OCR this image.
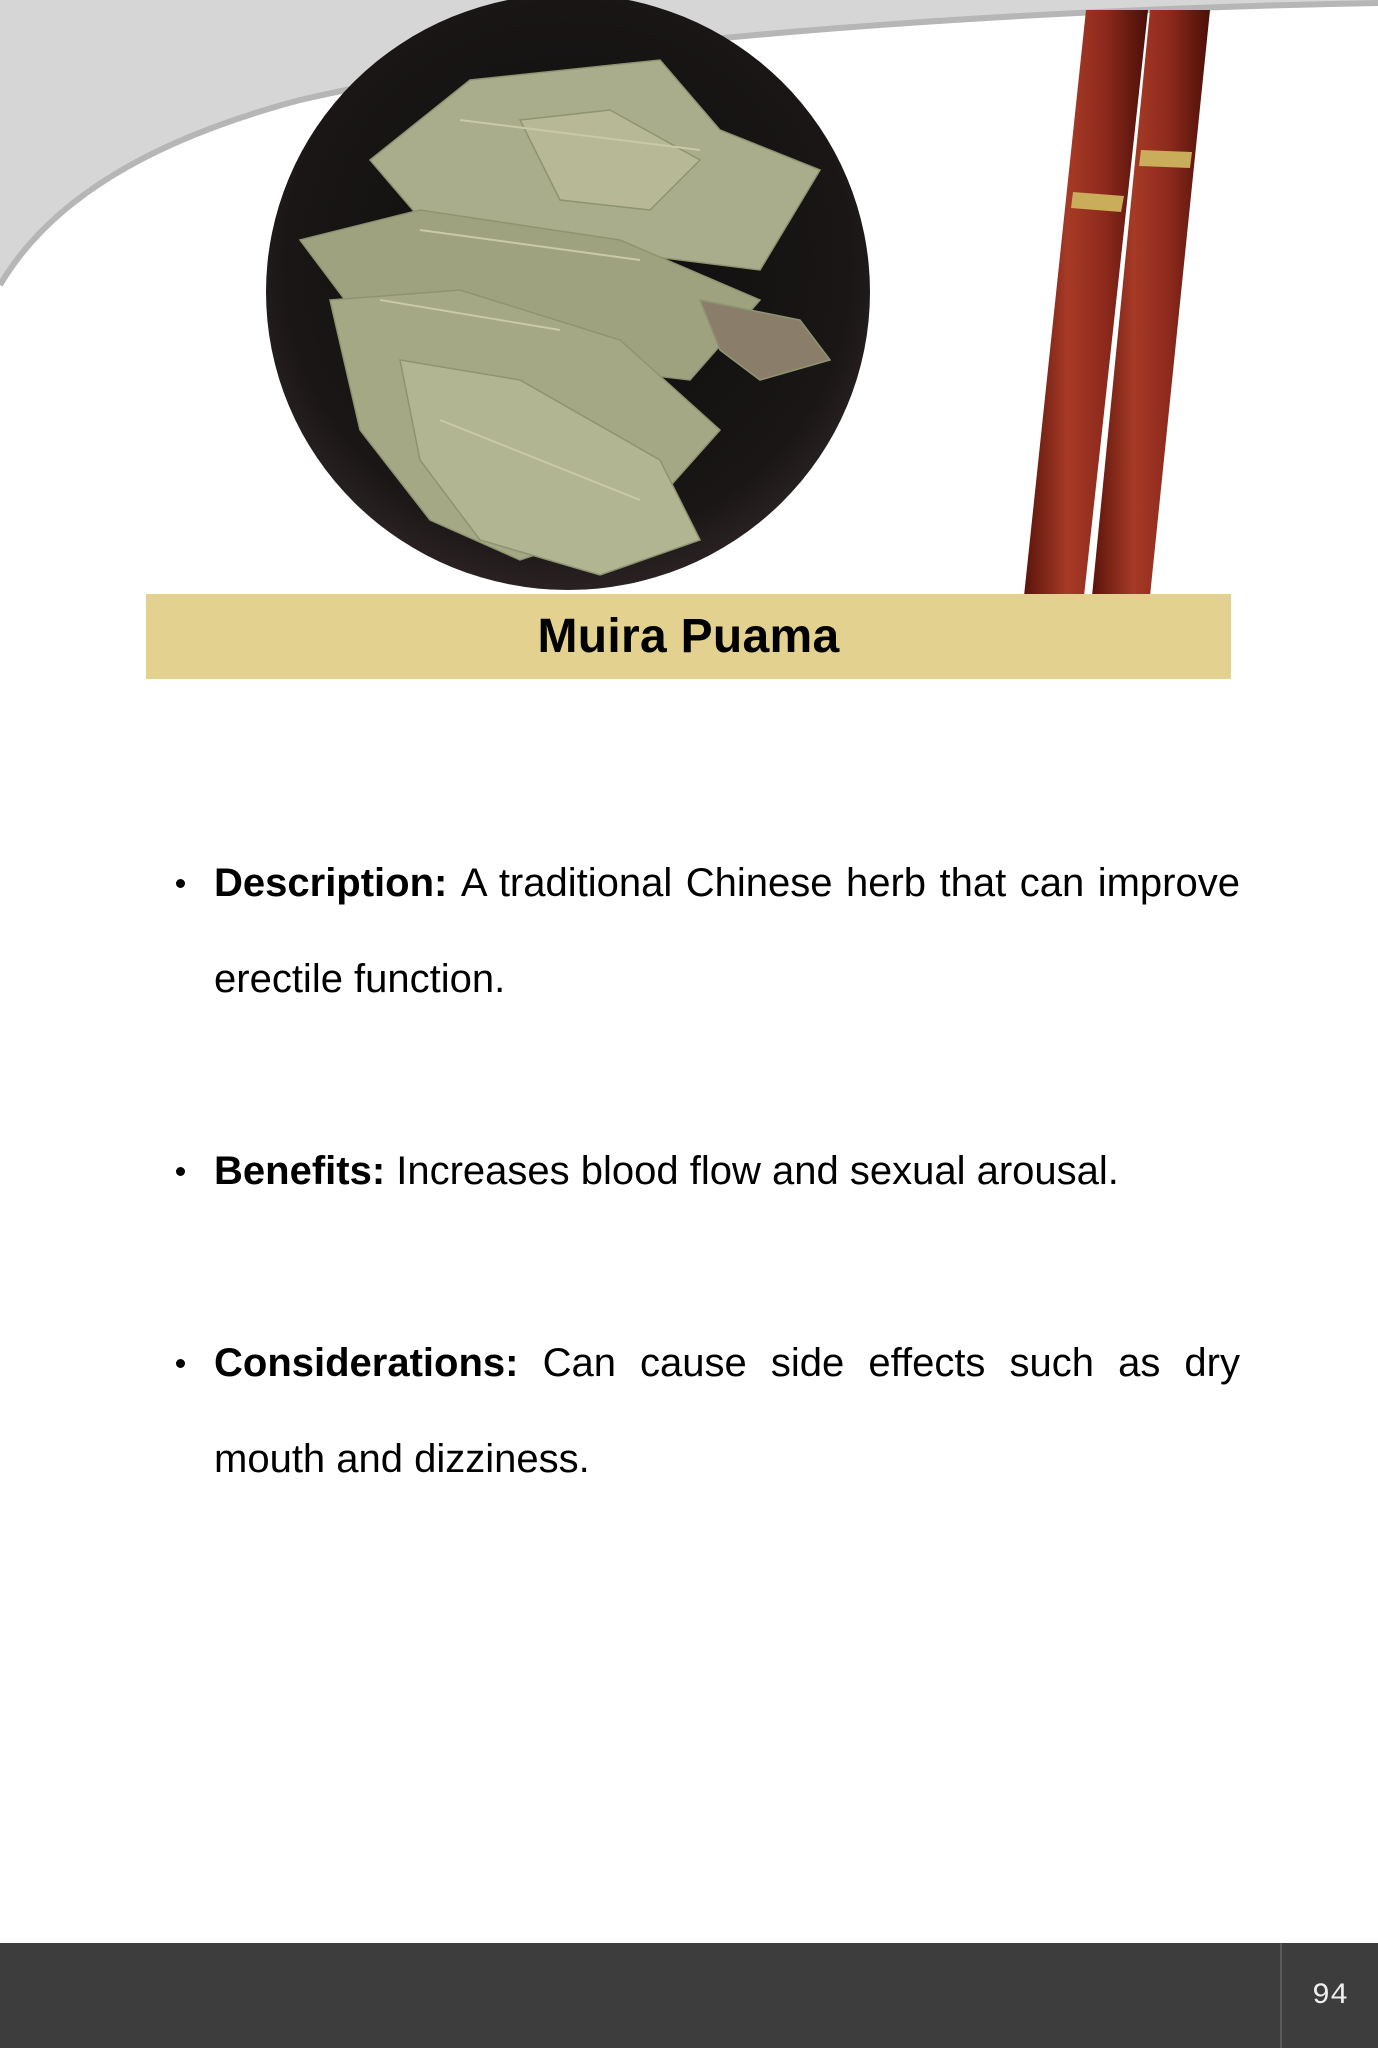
Muira Puama
Description: A traditional Chinese herb that can improve erectile function.
Benefits: Increases blood flow and sexual arousal.
Considerations: Can cause side effects such as dry mouth and dizziness.
94
